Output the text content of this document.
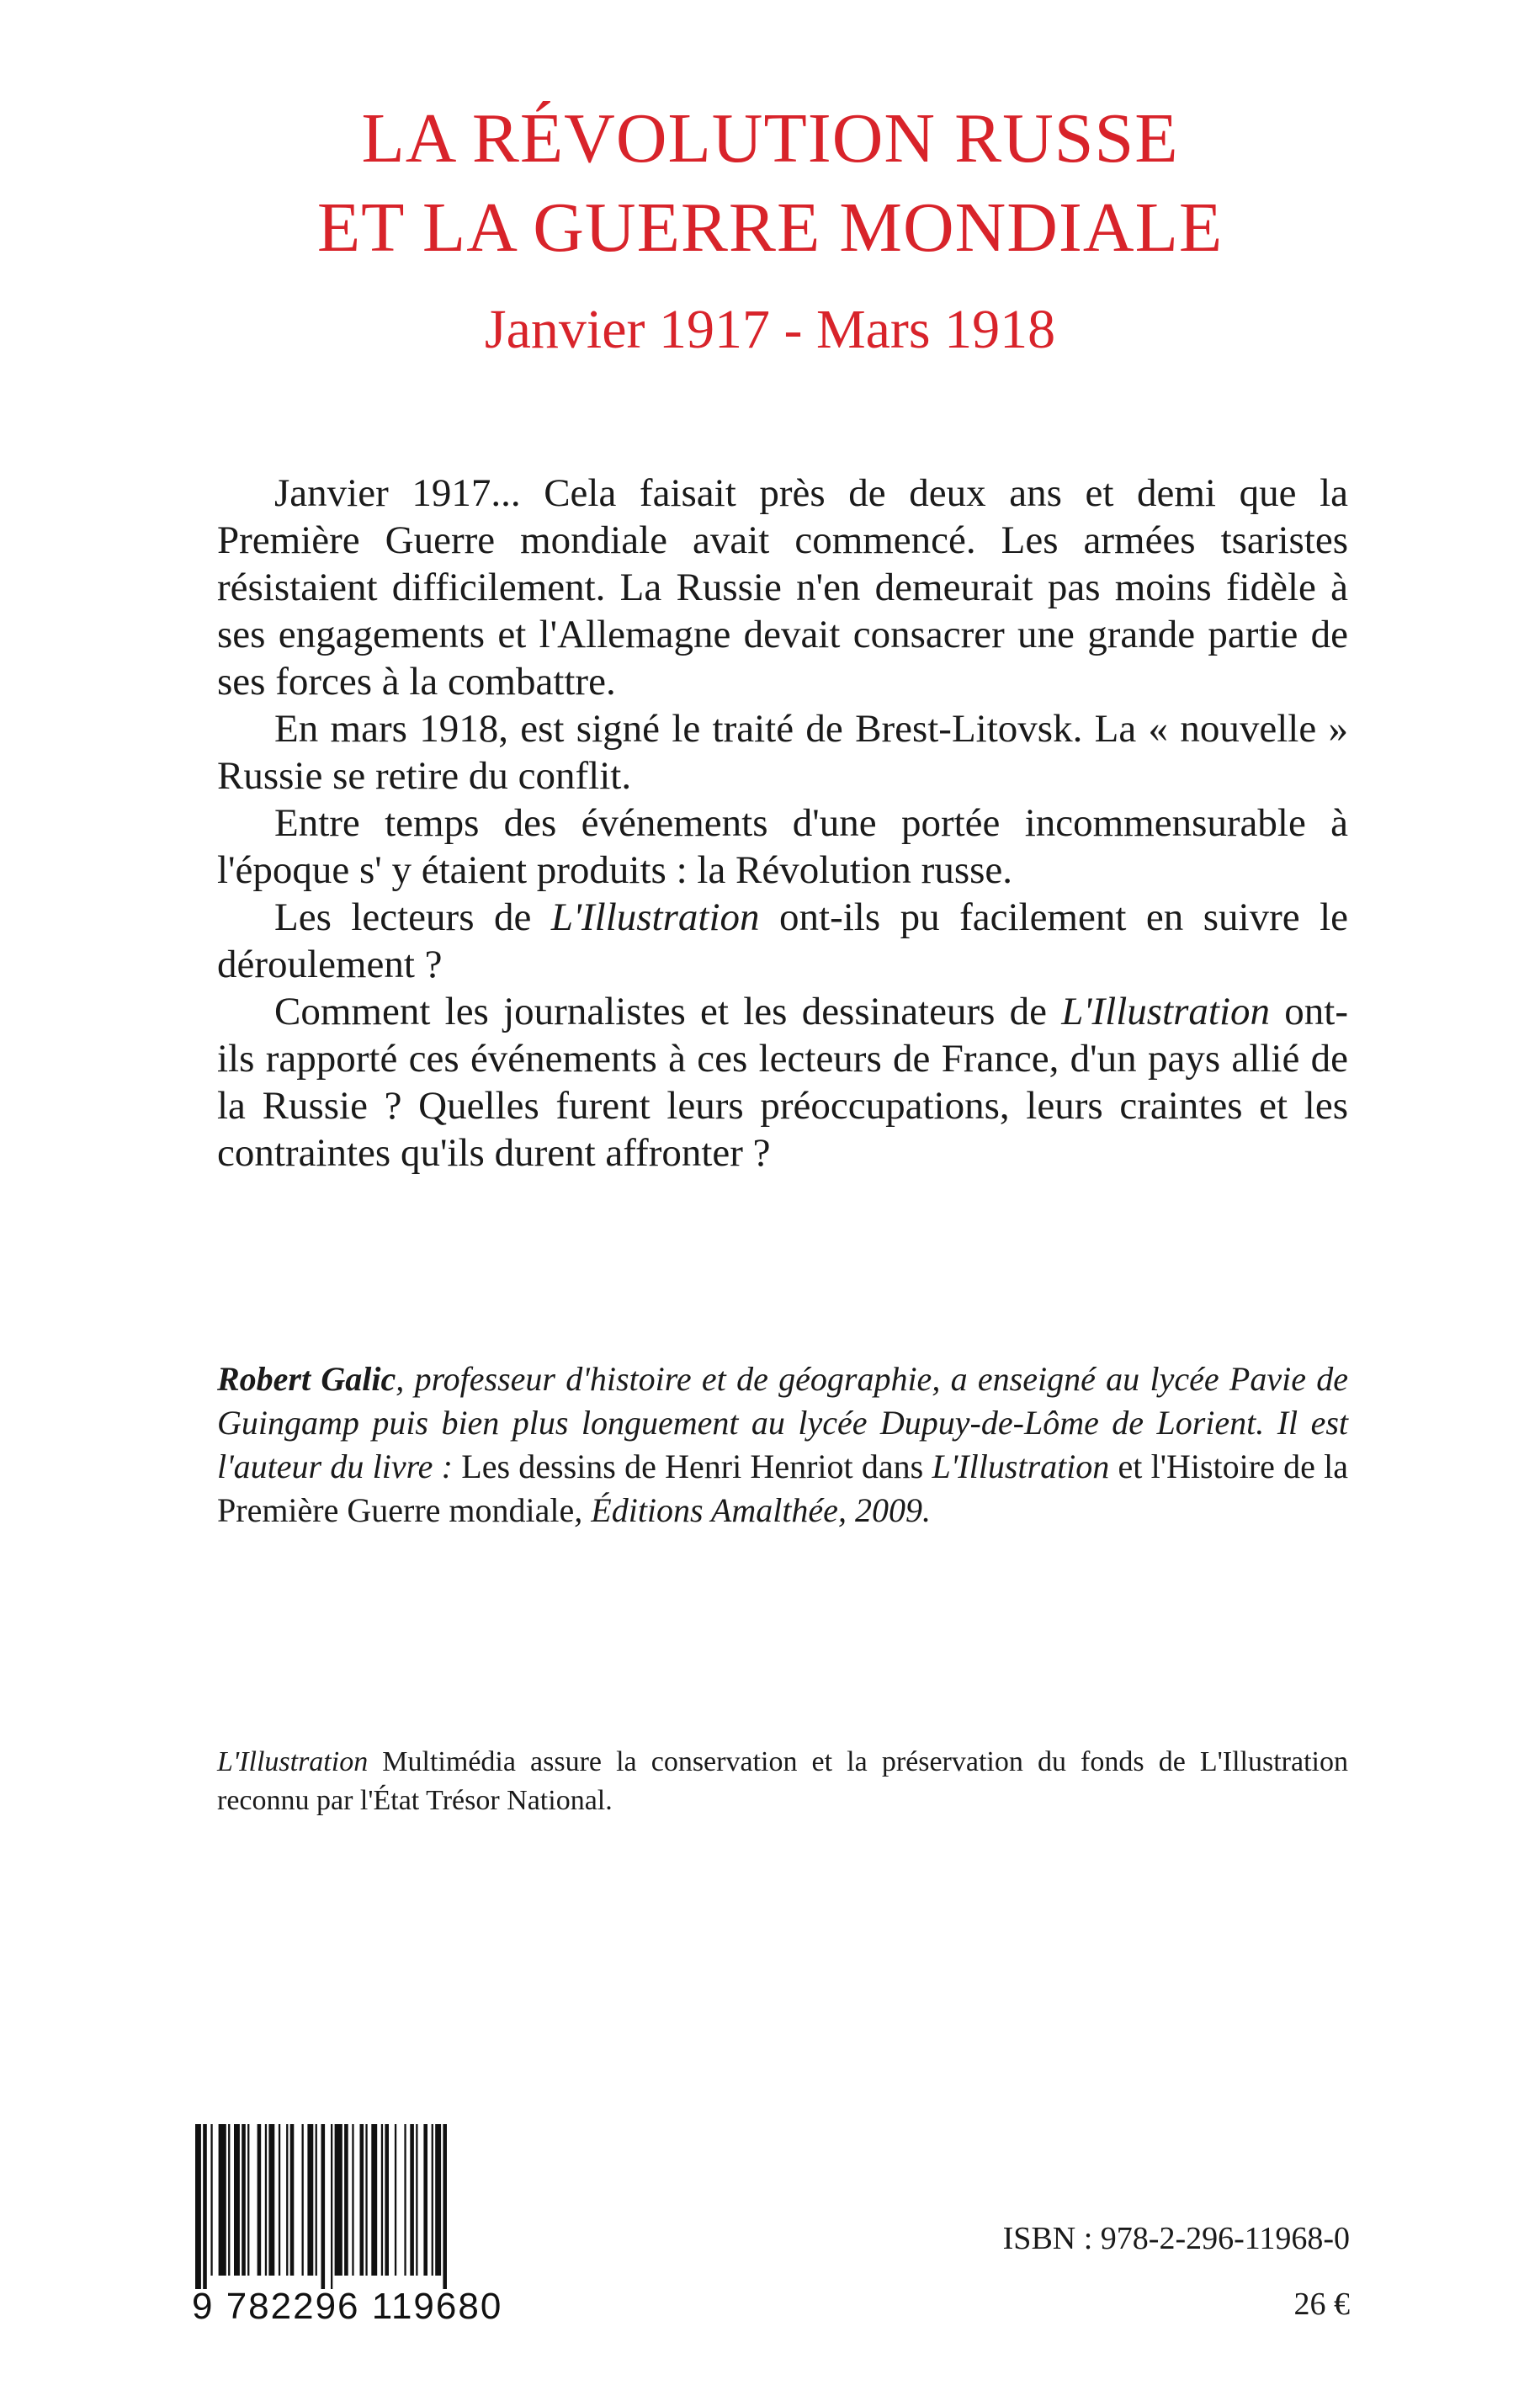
LA RÉVOLUTION RUSSE
ET LA GUERRE MONDIALE
Janvier 1917 - Mars 1918

Janvier 1917... Cela faisait près de deux ans et demi que la Première Guerre mondiale avait commencé. Les armées tsaristes résistaient difficilement. La Russie n'en demeurait pas moins fidèle à ses engagements et l'Allemagne devait consacrer une grande partie de ses forces à la combattre.

En mars 1918, est signé le traité de Brest-Litovsk. La « nouvelle » Russie se retire du conflit.

Entre temps des événements d'une portée incommensurable à l'époque s' y étaient produits : la Révolution russe.

Les lecteurs de L'Illustration ont-ils pu facilement en suivre le déroulement ?

Comment les journalistes et les dessinateurs de L'Illustration ont-ils rapporté ces événements à ces lecteurs de France, d'un pays allié de la Russie ? Quelles furent leurs préoccupations, leurs craintes et les contraintes qu'ils durent affronter ?

Robert Galic, professeur d'histoire et de géographie, a enseigné au lycée Pavie de Guingamp puis bien plus longuement au lycée Dupuy-de-Lôme de Lorient. Il est l'auteur du livre : Les dessins de Henri Henriot dans L'Illustration et l'Histoire de la Première Guerre mondiale, Éditions Amalthée, 2009.

L'Illustration Multimédia assure la conservation et la préservation du fonds de L'Illustration reconnu par l'État Trésor National.

9 782296 119680
ISBN : 978-2-296-11968-0
26 €
